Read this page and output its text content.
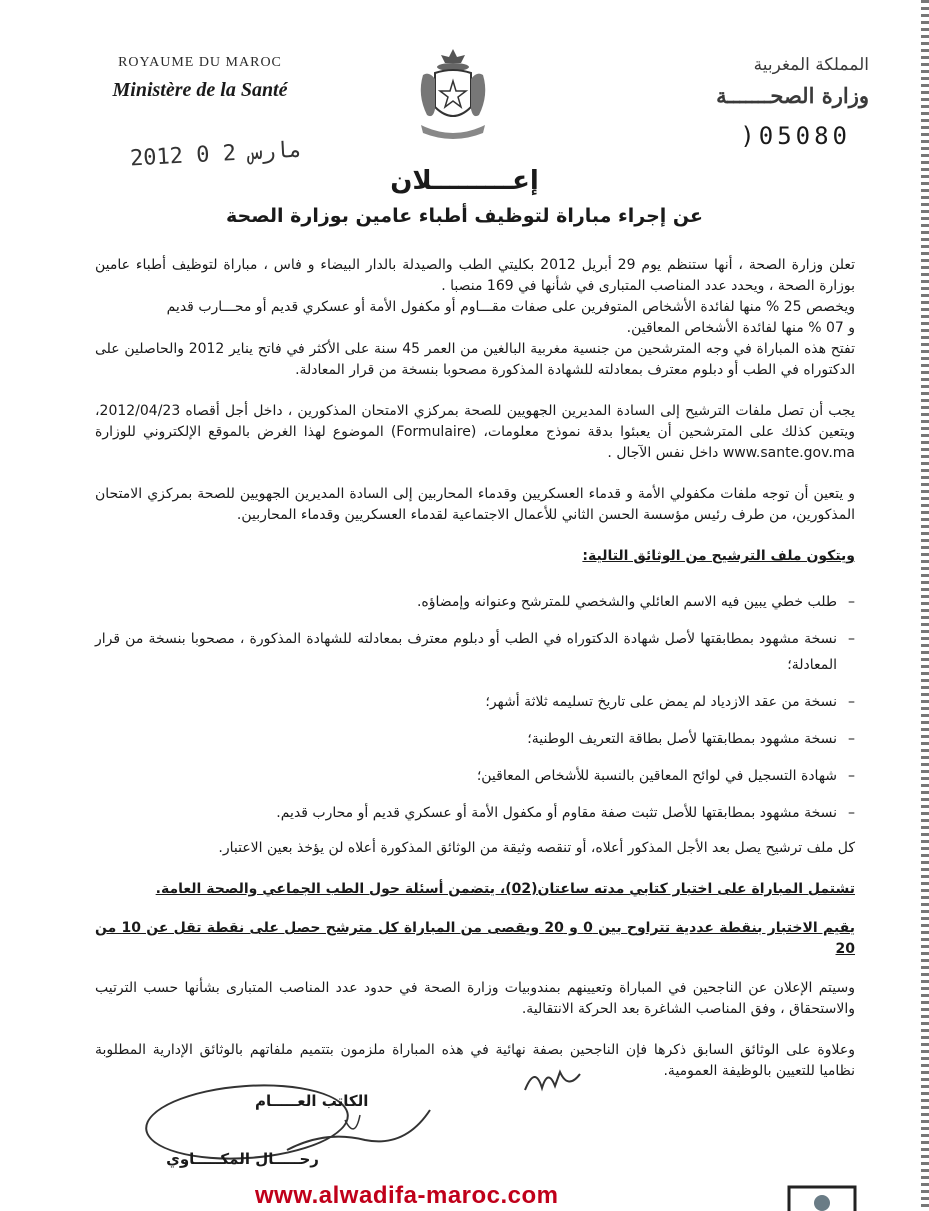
ROYAUME DU MAROC
Ministère de la Santé
المملكة المغربية
وزارة الصحـــــــة
)05080
2012 مارس 2 0
إعـــــــــلان
عن إجراء مباراة لتوظيف أطباء عامين بوزارة الصحة

تعلن وزارة الصحة ، أنها ستنظم يوم 29 أبريل 2012 بكليتي الطب والصيدلة بالدار البيضاء و فاس ، مباراة لتوظيف أطباء عامين بوزارة الصحة ، ويحدد عدد المناصب المتبارى في شأنها في 169 منصبا .

ويخصص 25 % منها لفائدة الأشخاص المتوفرين على صفات مقـــاوم أو مكفول الأمة أو عسكري قديم أو محـــارب قديم

و 07 % منها لفائدة الأشخاص المعاقين.

تفتح هذه المباراة في وجه المترشحين من جنسية مغربية البالغين من العمر 45 سنة على الأكثر في فاتح يناير 2012 والحاصلين على الدكتوراه في الطب أو دبلوم معترف بمعادلته للشهادة المذكورة مصحوبا بنسخة من قرار المعادلة.

يجب أن تصل ملفات الترشيح إلى السادة المديرين الجهويين للصحة بمركزي الامتحان المذكورين ، داخل أجل أقصاه 2012/04/23، ويتعين كذلك على المترشحين أن يعبئوا بدقة نموذج معلومات، (Formulaire) الموضوع لهذا الغرض بالموقع الإلكتروني للوزارة www.sante.gov.ma داخل نفس الآجال .

و يتعين أن توجه ملفات مكفولي الأمة و قدماء العسكريين وقدماء المحاربين إلى السادة المديرين الجهويين للصحة بمركزي الامتحان المذكورين، من طرف رئيس مؤسسة الحسن الثاني للأعمال الاجتماعية لقدماء العسكريين وقدماء المحاربين.

ويتكون ملف الترشيح من الوثائق التالية:
– طلب خطي يبين فيه الاسم العائلي والشخصي للمترشح وعنوانه وإمضاؤه.
– نسخة مشهود بمطابقتها لأصل شهادة الدكتوراه في الطب أو دبلوم معترف بمعادلته للشهادة المذكورة ، مصحوبا بنسخة من قرار المعادلة؛
– نسخة من عقد الازدياد لم يمض على تاريخ تسليمه ثلاثة أشهر؛
– نسخة مشهود بمطابقتها لأصل بطاقة التعريف الوطنية؛
– شهادة التسجيل في لوائح المعاقين بالنسبة للأشخاص المعاقين؛
– نسخة مشهود بمطابقتها للأصل تثبت صفة مقاوم أو مكفول الأمة أو عسكري قديم أو محارب قديم.

كل ملف ترشيح يصل بعد الأجل المذكور أعلاه، أو تنقصه وثيقة من الوثائق المذكورة أعلاه لن يؤخذ بعين الاعتبار.

تشتمل المباراة على اختبار كتابي مدته ساعتان(02)، يتضمن أسئلة حول الطب الجماعي والصحة العامة.
يقيم الاختبار بنقطة عددية تتراوح بين 0 و 20 ويقصى من المباراة كل مترشح حصل على نقطة تقل عن 10 من 20

وسيتم الإعلان عن الناجحين في المباراة وتعيينهم بمندوبيات وزارة الصحة في حدود عدد المناصب المتبارى بشأنها حسب الترتيب والاستحقاق ، وفق المناصب الشاغرة بعد الحركة الانتقالية.

وعلاوة على الوثائق السابق ذكرها فإن الناجحين بصفة نهائية في هذه المباراة ملزمون بتتميم ملفاتهم بالوثائق الإدارية المطلوبة نظاميا للتعيين بالوظيفة العمومية.

الكاتب العـــــام
رحـــــال المكـــــاوي
www.alwadifa-maroc.com
